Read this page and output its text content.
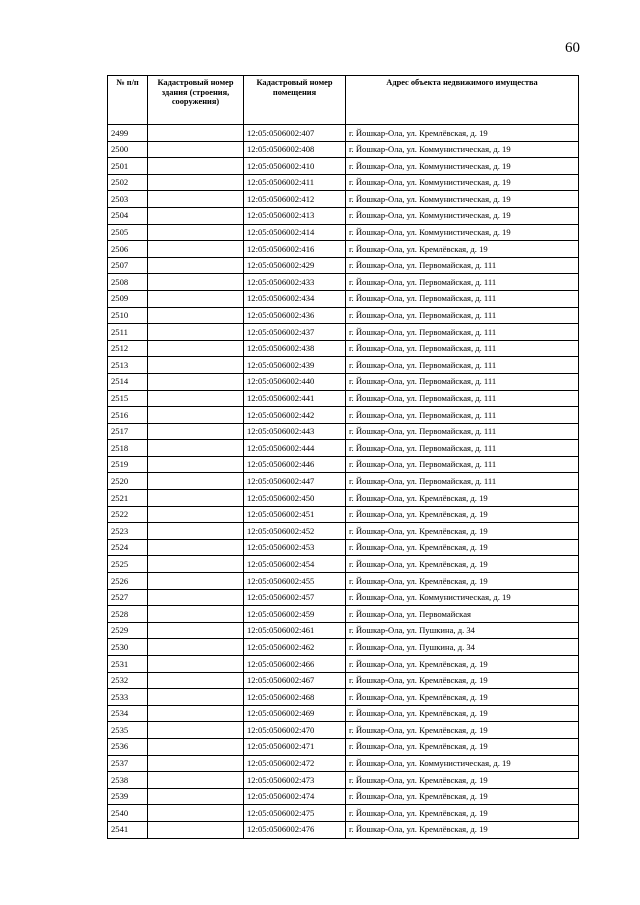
60
№ п/п	Кадастровый номер здания (строения, сооружения)	Кадастровый номер помещения	Адрес объекта недвижимого имущества
2499		12:05:0506002:407	г. Йошкар-Ола, ул. Кремлёвская, д. 19
2500		12:05:0506002:408	г. Йошкар-Ола, ул. Коммунистическая, д. 19
2501		12:05:0506002:410	г. Йошкар-Ола, ул. Коммунистическая, д. 19
2502		12:05:0506002:411	г. Йошкар-Ола, ул. Коммунистическая, д. 19
2503		12:05:0506002:412	г. Йошкар-Ола, ул. Коммунистическая, д. 19
2504		12:05:0506002:413	г. Йошкар-Ола, ул. Коммунистическая, д. 19
2505		12:05:0506002:414	г. Йошкар-Ола, ул. Коммунистическая, д. 19
2506		12:05:0506002:416	г. Йошкар-Ола, ул. Кремлёвская, д. 19
2507		12:05:0506002:429	г. Йошкар-Ола, ул. Первомайская, д. 111
2508		12:05:0506002:433	г. Йошкар-Ола, ул. Первомайская, д. 111
2509		12:05:0506002:434	г. Йошкар-Ола, ул. Первомайская, д. 111
2510		12:05:0506002:436	г. Йошкар-Ола, ул. Первомайская, д. 111
2511		12:05:0506002:437	г. Йошкар-Ола, ул. Первомайская, д. 111
2512		12:05:0506002:438	г. Йошкар-Ола, ул. Первомайская, д. 111
2513		12:05:0506002:439	г. Йошкар-Ола, ул. Первомайская, д. 111
2514		12:05:0506002:440	г. Йошкар-Ола, ул. Первомайская, д. 111
2515		12:05:0506002:441	г. Йошкар-Ола, ул. Первомайская, д. 111
2516		12:05:0506002:442	г. Йошкар-Ола, ул. Первомайская, д. 111
2517		12:05:0506002:443	г. Йошкар-Ола, ул. Первомайская, д. 111
2518		12:05:0506002:444	г. Йошкар-Ола, ул. Первомайская, д. 111
2519		12:05:0506002:446	г. Йошкар-Ола, ул. Первомайская, д. 111
2520		12:05:0506002:447	г. Йошкар-Ола, ул. Первомайская, д. 111
2521		12:05:0506002:450	г. Йошкар-Ола, ул. Кремлёвская, д. 19
2522		12:05:0506002:451	г. Йошкар-Ола, ул. Кремлёвская, д. 19
2523		12:05:0506002:452	г. Йошкар-Ола, ул. Кремлёвская, д. 19
2524		12:05:0506002:453	г. Йошкар-Ола, ул. Кремлёвская, д. 19
2525		12:05:0506002:454	г. Йошкар-Ола, ул. Кремлёвская, д. 19
2526		12:05:0506002:455	г. Йошкар-Ола, ул. Кремлёвская, д. 19
2527		12:05:0506002:457	г. Йошкар-Ола, ул. Коммунистическая, д. 19
2528		12:05:0506002:459	г. Йошкар-Ола, ул. Первомайская
2529		12:05:0506002:461	г. Йошкар-Ола, ул. Пушкина, д. 34
2530		12:05:0506002:462	г. Йошкар-Ола, ул. Пушкина, д. 34
2531		12:05:0506002:466	г. Йошкар-Ола, ул. Кремлёвская, д. 19
2532		12:05:0506002:467	г. Йошкар-Ола, ул. Кремлёвская, д. 19
2533		12:05:0506002:468	г. Йошкар-Ола, ул. Кремлёвская, д. 19
2534		12:05:0506002:469	г. Йошкар-Ола, ул. Кремлёвская, д. 19
2535		12:05:0506002:470	г. Йошкар-Ола, ул. Кремлёвская, д. 19
2536		12:05:0506002:471	г. Йошкар-Ола, ул. Кремлёвская, д. 19
2537		12:05:0506002:472	г. Йошкар-Ола, ул. Коммунистическая, д. 19
2538		12:05:0506002:473	г. Йошкар-Ола, ул. Кремлёвская, д. 19
2539		12:05:0506002:474	г. Йошкар-Ола, ул. Кремлёвская, д. 19
2540		12:05:0506002:475	г. Йошкар-Ола, ул. Кремлёвская, д. 19
2541		12:05:0506002:476	г. Йошкар-Ола, ул. Кремлёвская, д. 19
